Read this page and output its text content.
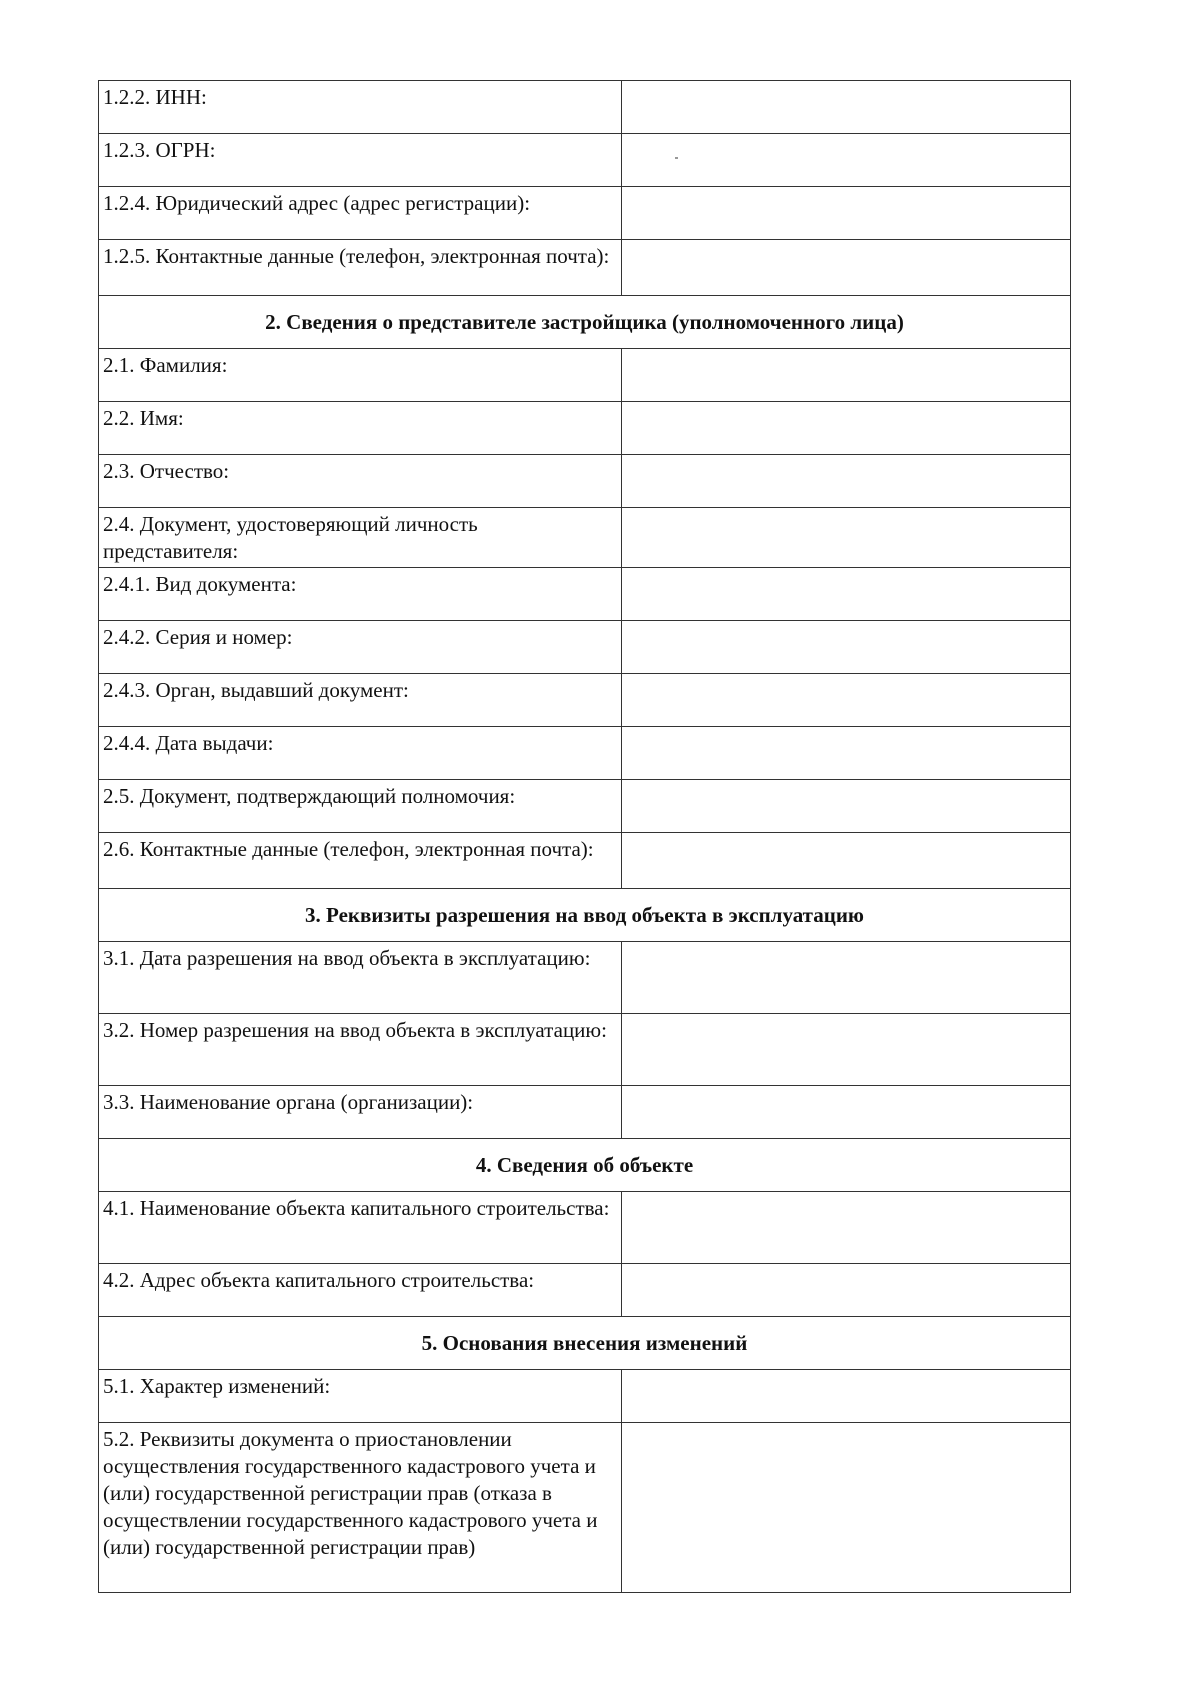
1.2.2. ИНН:	
1.2.3. ОГРН:	
1.2.4. Юридический адрес (адрес регистрации):	
1.2.5. Контактные данные (телефон, электронная почта):	
2. Сведения о представителе застройщика (уполномоченного лица)	
2.1. Фамилия:	
2.2. Имя:	
2.3. Отчество:	
2.4. Документ, удостоверяющий личность представителя:	
2.4.1. Вид документа:	
2.4.2. Серия и номер:	
2.4.3. Орган, выдавший документ:	
2.4.4. Дата выдачи:	
2.5. Документ, подтверждающий полномочия:	
2.6. Контактные данные (телефон, электронная почта):	
3. Реквизиты разрешения на ввод объекта в эксплуатацию	
3.1. Дата разрешения на ввод объекта в эксплуатацию:	
3.2. Номер разрешения на ввод объекта в эксплуатацию:	
3.3. Наименование органа (организации):	
4. Сведения об объекте	
4.1. Наименование объекта капитального строительства:	
4.2. Адрес объекта капитального строительства:	
5. Основания внесения изменений	
5.1. Характер изменений:	
5.2. Реквизиты документа о приостановлении осуществления государственного кадастрового учета и (или) государственной регистрации прав (отказа в осуществлении государственного кадастрового учета и (или) государственной регистрации прав)	
